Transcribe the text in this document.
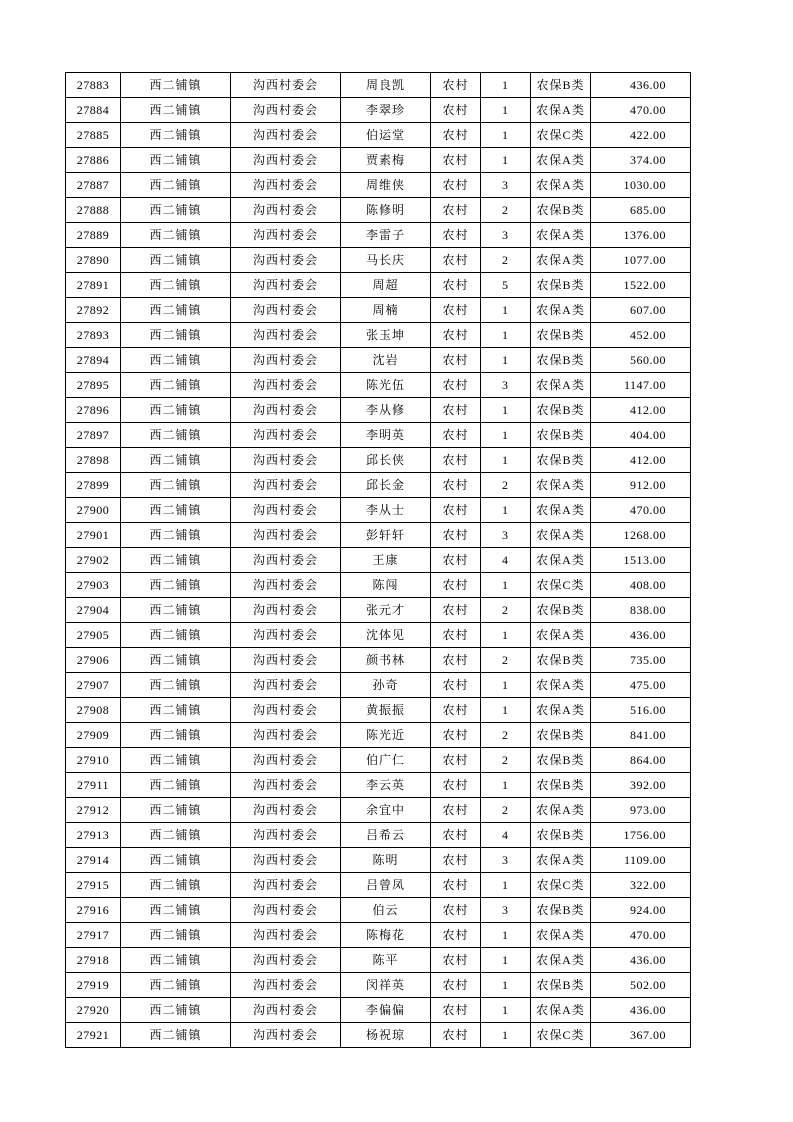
27883	西二铺镇	沟西村委会	周良凯	农村	1	农保B类	436.00
27884	西二铺镇	沟西村委会	李翠珍	农村	1	农保A类	470.00
27885	西二铺镇	沟西村委会	伯运堂	农村	1	农保C类	422.00
27886	西二铺镇	沟西村委会	贾素梅	农村	1	农保A类	374.00
27887	西二铺镇	沟西村委会	周维侠	农村	3	农保A类	1030.00
27888	西二铺镇	沟西村委会	陈修明	农村	2	农保B类	685.00
27889	西二铺镇	沟西村委会	李雷子	农村	3	农保A类	1376.00
27890	西二铺镇	沟西村委会	马长庆	农村	2	农保A类	1077.00
27891	西二铺镇	沟西村委会	周超	农村	5	农保B类	1522.00
27892	西二铺镇	沟西村委会	周楠	农村	1	农保A类	607.00
27893	西二铺镇	沟西村委会	张玉坤	农村	1	农保B类	452.00
27894	西二铺镇	沟西村委会	沈岩	农村	1	农保B类	560.00
27895	西二铺镇	沟西村委会	陈光伍	农村	3	农保A类	1147.00
27896	西二铺镇	沟西村委会	李从修	农村	1	农保B类	412.00
27897	西二铺镇	沟西村委会	李明英	农村	1	农保B类	404.00
27898	西二铺镇	沟西村委会	邱长侠	农村	1	农保B类	412.00
27899	西二铺镇	沟西村委会	邱长金	农村	2	农保A类	912.00
27900	西二铺镇	沟西村委会	李从士	农村	1	农保A类	470.00
27901	西二铺镇	沟西村委会	彭轩轩	农村	3	农保A类	1268.00
27902	西二铺镇	沟西村委会	王康	农村	4	农保A类	1513.00
27903	西二铺镇	沟西村委会	陈闯	农村	1	农保C类	408.00
27904	西二铺镇	沟西村委会	张元才	农村	2	农保B类	838.00
27905	西二铺镇	沟西村委会	沈体见	农村	1	农保A类	436.00
27906	西二铺镇	沟西村委会	颜书林	农村	2	农保B类	735.00
27907	西二铺镇	沟西村委会	孙奇	农村	1	农保A类	475.00
27908	西二铺镇	沟西村委会	黄振振	农村	1	农保A类	516.00
27909	西二铺镇	沟西村委会	陈光近	农村	2	农保B类	841.00
27910	西二铺镇	沟西村委会	伯广仁	农村	2	农保B类	864.00
27911	西二铺镇	沟西村委会	李云英	农村	1	农保B类	392.00
27912	西二铺镇	沟西村委会	余宜中	农村	2	农保A类	973.00
27913	西二铺镇	沟西村委会	吕希云	农村	4	农保B类	1756.00
27914	西二铺镇	沟西村委会	陈明	农村	3	农保A类	1109.00
27915	西二铺镇	沟西村委会	吕曾凤	农村	1	农保C类	322.00
27916	西二铺镇	沟西村委会	伯云	农村	3	农保B类	924.00
27917	西二铺镇	沟西村委会	陈梅花	农村	1	农保A类	470.00
27918	西二铺镇	沟西村委会	陈平	农村	1	农保A类	436.00
27919	西二铺镇	沟西村委会	闵祥英	农村	1	农保B类	502.00
27920	西二铺镇	沟西村委会	李偏偏	农村	1	农保A类	436.00
27921	西二铺镇	沟西村委会	杨祝琼	农村	1	农保C类	367.00
